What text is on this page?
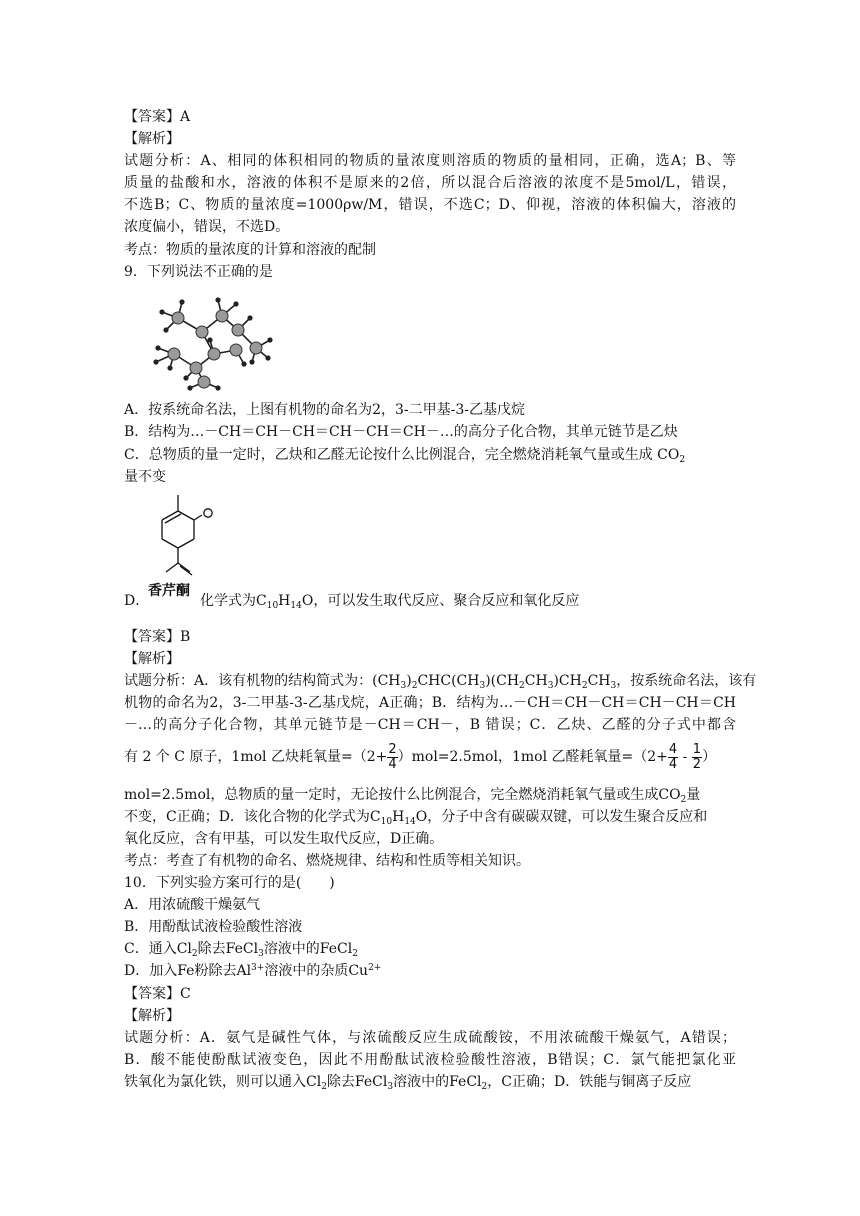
【答案】A
【解析】
试题分析：A、相同的体积相同的物质的量浓度则溶质的物质的量相同，正确，选A；B、等
质量的盐酸和水，溶液的体积不是原来的2倍，所以混合后溶液的浓度不是5mol/L，错误，
不选B；C、物质的量浓度=1000ρw/M，错误，不选C；D、仰视，溶液的体积偏大，溶液的
浓度偏小，错误，不选D。
考点：物质的量浓度的计算和溶液的配制
9．下列说法不正确的是
A．按系统命名法，上图有机物的命名为2，3-二甲基-3-乙基戊烷
B．结构为…－CH＝CH－CH＝CH－CH＝CH－…的高分子化合物，其单元链节是乙炔
C．总物质的量一定时，乙炔和乙醛无论按什么比例混合，完全燃烧消耗氧气量或生成 $CO_2$
量不变
香芹酮
D．	化学式为$C_{10}H_{14}O$，可以发生取代反应、聚合反应和氧化反应
【答案】B
【解析】
试题分析：A．该有机物的结构简式为：$(CH_3)_2CHC(CH_3)(CH_2CH_3)CH_2CH_3$，按系统命名法，该有
机物的命名为2，3-二甲基-3-乙基戊烷，A正确；B．结构为…－CH＝CH－CH＝CH－CH＝CH
－…的高分子化合物，其单元链节是－CH＝CH－，B 错误；C．乙炔、乙醛的分子式中都含
有 2 个 C 原子，1mol 乙炔耗氧量$=(2+ \frac{2}{4} )mol=2.5mol$，1mol 乙醛耗氧量$=(2+ \frac{4}{4} - \frac{1}{2}$ ）
mol=2.5mol，总物质的量一定时，无论按什么比例混合，完全燃烧消耗氧气量或生成$CO_2$量
不变，C正确；D．该化合物的化学式为$C_{10}H_{14}O$，分子中含有碳碳双键，可以发生聚合反应和
氧化反应，含有甲基，可以发生取代反应，D正确。
考点：考查了有机物的命名、燃烧规律、结构和性质等相关知识。
10．下列实验方案可行的是(　　)
A．用浓硫酸干燥氨气
B．用酚酞试液检验酸性溶液
C．通入$Cl_2$除去FeCl$_3$溶液中的FeCl$_2$
D．加入Fe粉除去$Al^{3+}$溶液中的杂质$Cu^{2+}$
【答案】C
【解析】
试题分析：A．氨气是碱性气体，与浓硫酸反应生成硫酸铵，不用浓硫酸干燥氨气，A错误；
B．酸不能使酚酞试液变色，因此不用酚酞试液检验酸性溶液，B错误；C．氯气能把氯化亚
铁氧化为氯化铁，则可以通入$Cl_2$除去FeCl$_3$溶液中的FeCl$_2$，C正确；D．铁能与铜离子反应
